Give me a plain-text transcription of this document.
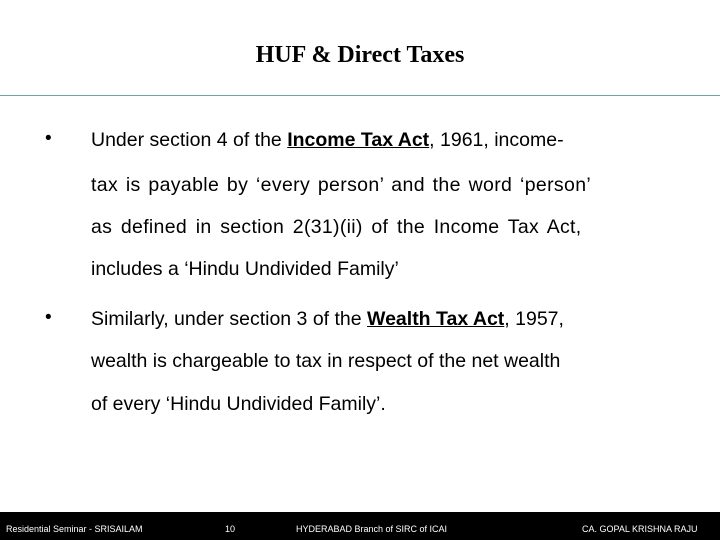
HUF & Direct Taxes
• Under section 4 of the Income Tax Act, 1961, income-
tax is payable by ‘every person’ and the word ‘person’
as defined in section 2(31)(ii) of the Income Tax Act,
includes a ‘Hindu Undivided Family’
• Similarly, under section 3 of the Wealth Tax Act, 1957,
wealth is chargeable to tax in respect of the net wealth
of every ‘Hindu Undivided Family’.
Residential Seminar - SRISAILAM	10	HYDERABAD Branch of SIRC of ICAI	CA. GOPAL KRISHNA RAJU
